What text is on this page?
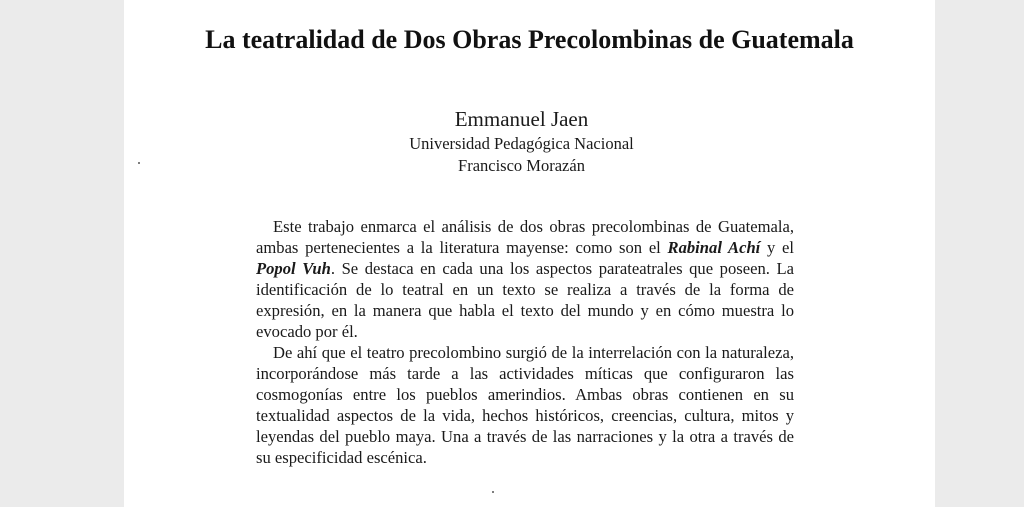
La teatralidad de Dos Obras Precolombinas de Guatemala
Emmanuel Jaen
Universidad Pedagógica Nacional
Francisco Morazán

Este trabajo enmarca el análisis de dos obras precolombinas de Guatemala, ambas pertenecientes a la literatura mayense: como son el Rabinal Achí y el Popol Vuh. Se destaca en cada una los aspectos parateatrales que poseen. La identificación de lo teatral en un texto se realiza a través de la forma de expresión, en la manera que habla el texto del mundo y en cómo muestra lo evocado por él.

De ahí que el teatro precolombino surgió de la interrelación con la naturaleza, incorporándose más tarde a las actividades míticas que configuraron las cosmogonías entre los pueblos amerindios. Ambas obras contienen en su textualidad aspectos de la vida, hechos históricos, creencias, cultura, mitos y leyendas del pueblo maya. Una a través de las narraciones y la otra a través de su especificidad escénica.
